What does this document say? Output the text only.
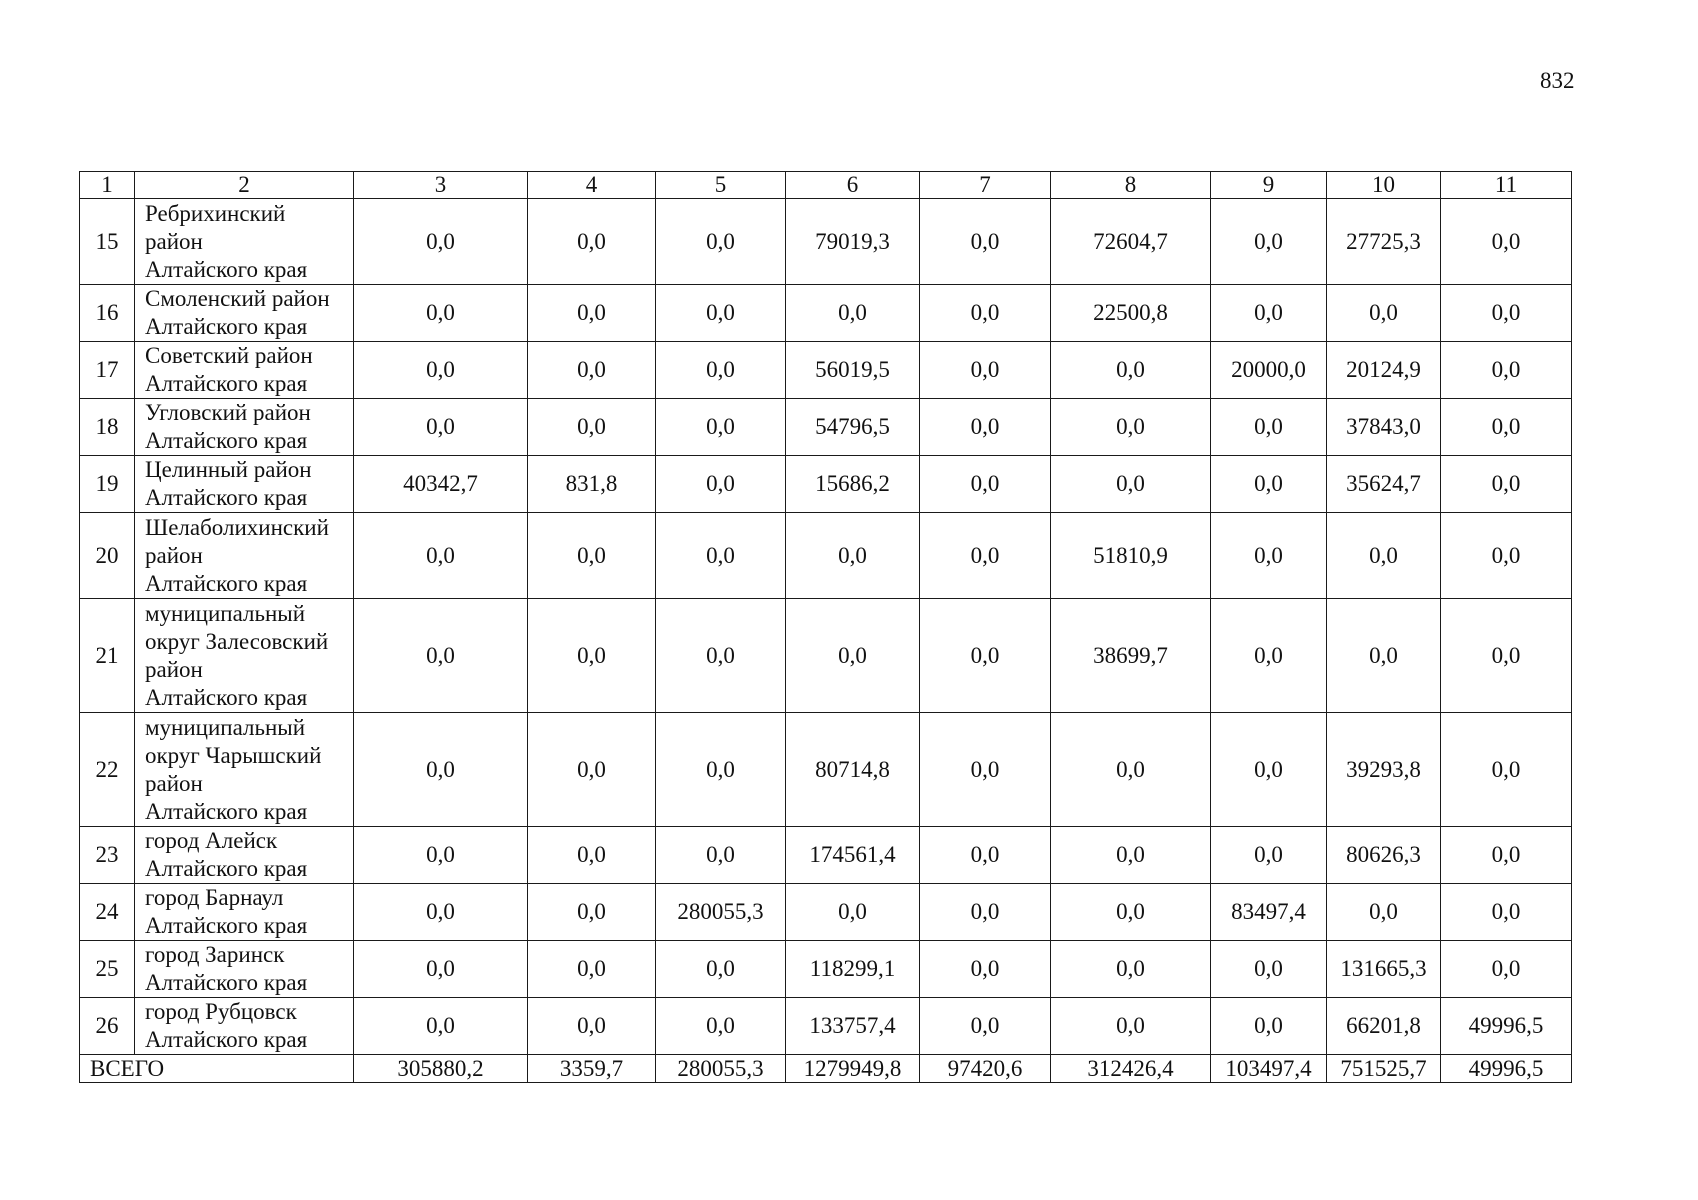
832
1	2	3	4	5	6	7	8	9	10	11
15	Ребрихинский
район
Алтайского края	0,0	0,0	0,0	79019,3	0,0	72604,7	0,0	27725,3	0,0
16	Смоленский район
Алтайского края	0,0	0,0	0,0	0,0	0,0	22500,8	0,0	0,0	0,0
17	Советский район
Алтайского края	0,0	0,0	0,0	56019,5	0,0	0,0	20000,0	20124,9	0,0
18	Угловский район
Алтайского края	0,0	0,0	0,0	54796,5	0,0	0,0	0,0	37843,0	0,0
19	Целинный район
Алтайского края	40342,7	831,8	0,0	15686,2	0,0	0,0	0,0	35624,7	0,0
20	Шелаболихинский
район
Алтайского края	0,0	0,0	0,0	0,0	0,0	51810,9	0,0	0,0	0,0
21	муниципальный
округ Залесовский
район
Алтайского края	0,0	0,0	0,0	0,0	0,0	38699,7	0,0	0,0	0,0
22	муниципальный
округ Чарышский
район
Алтайского края	0,0	0,0	0,0	80714,8	0,0	0,0	0,0	39293,8	0,0
23	город Алейск
Алтайского края	0,0	0,0	0,0	174561,4	0,0	0,0	0,0	80626,3	0,0
24	город Барнаул
Алтайского края	0,0	0,0	280055,3	0,0	0,0	0,0	83497,4	0,0	0,0
25	город Заринск
Алтайского края	0,0	0,0	0,0	118299,1	0,0	0,0	0,0	131665,3	0,0
26	город Рубцовск
Алтайского края	0,0	0,0	0,0	133757,4	0,0	0,0	0,0	66201,8	49996,5
ВСЕГО		305880,2	3359,7	280055,3	1279949,8	97420,6	312426,4	103497,4	751525,7	49996,5
